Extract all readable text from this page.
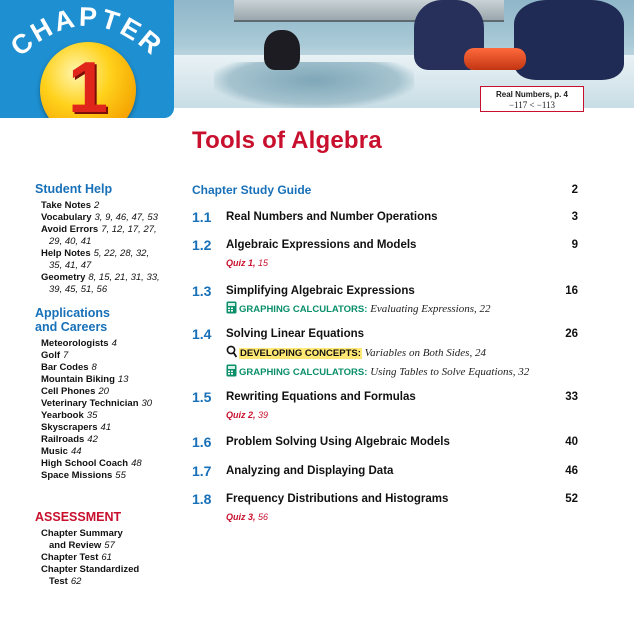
CHAPTER
1	Real Numbers, p. 4
−117 < −113
Tools of Algebra
Student Help
Take Notes 2
Vocabulary 3, 9, 46, 47, 53
Avoid Errors 7, 12, 17, 27,
29, 40, 41
Help Notes 5, 22, 28, 32,
35, 41, 47
Geometry 8, 15, 21, 31, 33,
39, 45, 51, 56
Applications
and Careers
Meteorologists 4
Golf 7
Bar Codes 8
Mountain Biking 13
Cell Phones 20
Veterinary Technician 30
Yearbook 35
Skyscrapers 41
Railroads 42
Music 44
High School Coach 48
Space Missions 55
ASSESSMENT
Chapter Summary
and Review 57
Chapter Test 61
Chapter Standardized
Test 62
Chapter Study Guide	2
1.1 Real Numbers and Number Operations	3
1.2 Algebraic Expressions and Models	9
Quiz 1, 15
1.3 Simplifying Algebraic Expressions	16
GRAPHING CALCULATORS: Evaluating Expressions, 22
1.4 Solving Linear Equations	26
DEVELOPING CONCEPTS: Variables on Both Sides, 24
GRAPHING CALCULATORS: Using Tables to Solve Equations, 32
1.5 Rewriting Equations and Formulas	33
Quiz 2, 39
1.6 Problem Solving Using Algebraic Models	40
1.7 Analyzing and Displaying Data	46
1.8 Frequency Distributions and Histograms	52
Quiz 3, 56
